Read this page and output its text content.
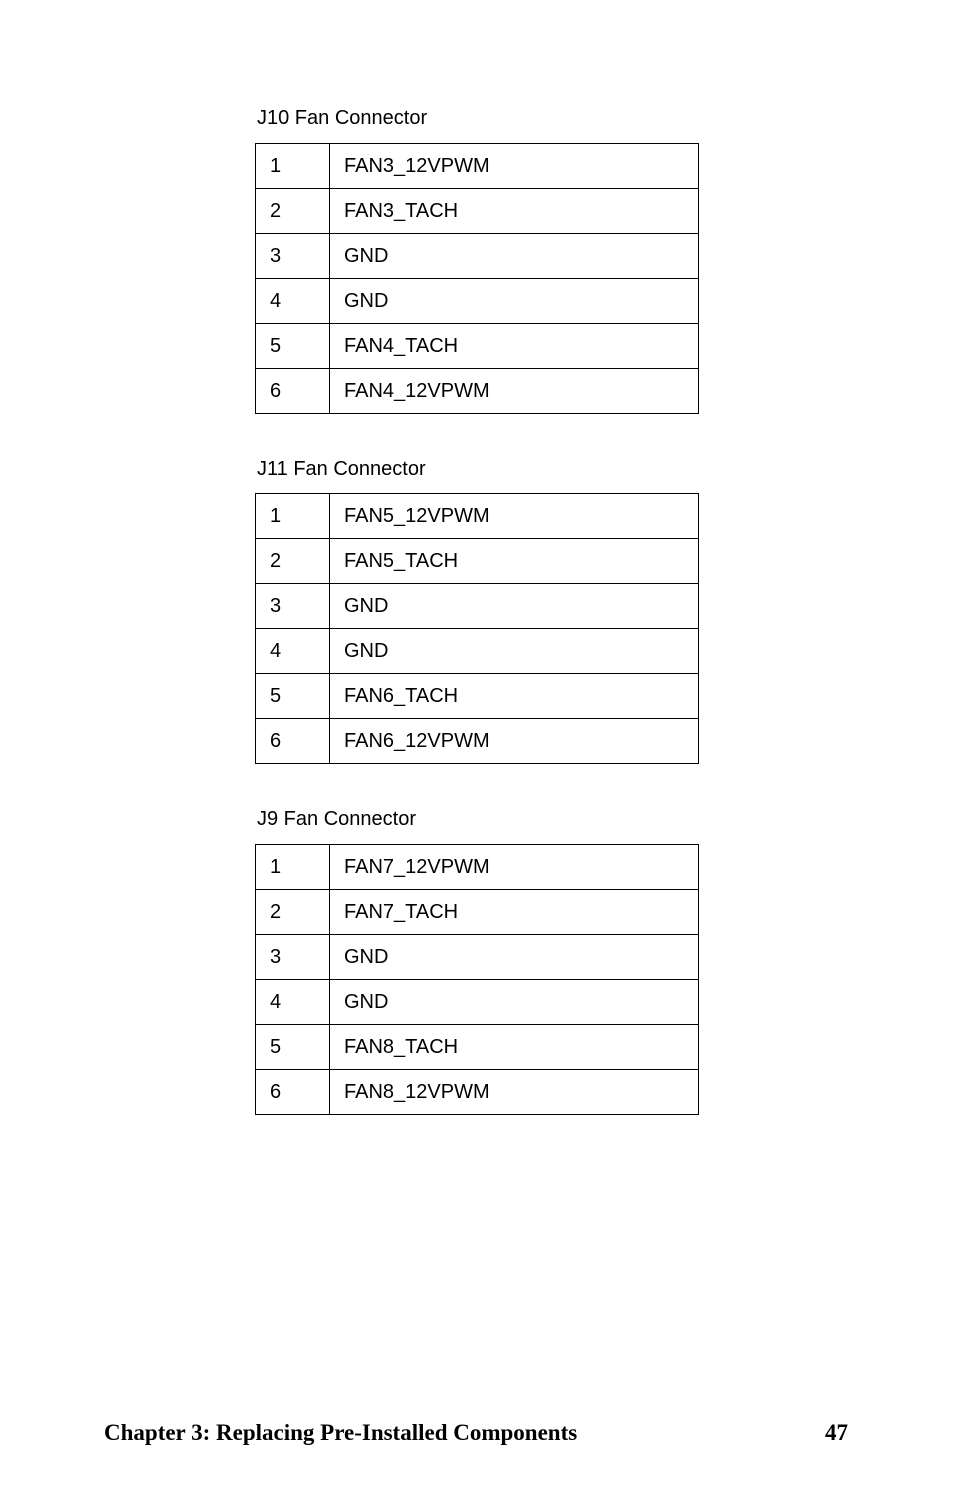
J10 Fan Connector
1	FAN3_12VPWM
2	FAN3_TACH
3	GND
4	GND
5	FAN4_TACH
6	FAN4_12VPWM
J11 Fan Connector
1	FAN5_12VPWM
2	FAN5_TACH
3	GND
4	GND
5	FAN6_TACH
6	FAN6_12VPWM
J9 Fan Connector
1	FAN7_12VPWM
2	FAN7_TACH
3	GND
4	GND
5	FAN8_TACH
6	FAN8_12VPWM
Chapter 3: Replacing Pre-Installed Components	47
